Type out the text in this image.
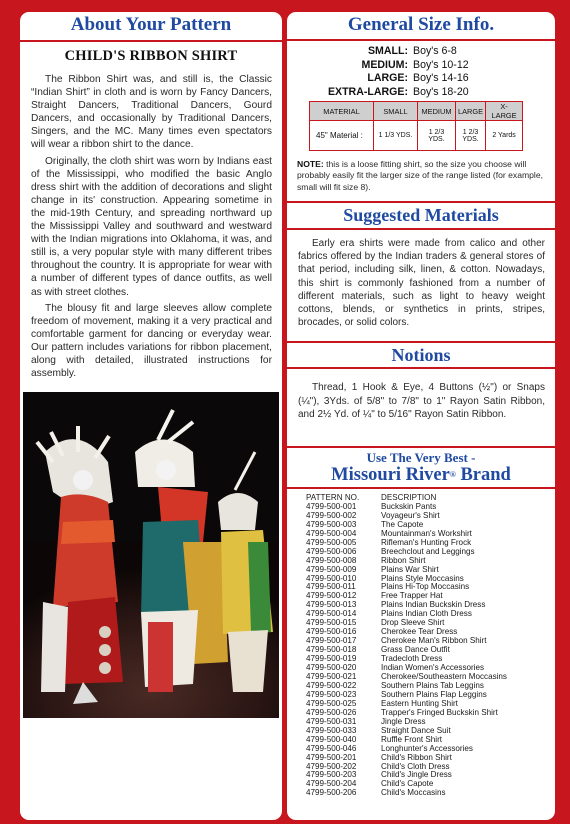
About Your Pattern
CHILD'S RIBBON SHIRT

The Ribbon Shirt was, and still is, the Classic “Indian Shirt” in cloth and is worn by Fancy Dancers, Straight Dancers, Traditional Dancers, Gourd Dancers, and occasionally by Traditional Dancers, Singers, and the MC. Many times even spectators will wear a ribbon shirt to the dance.

Originally, the cloth shirt was worn by Indians east of the Mississippi, who modified the basic Anglo dress shirt with the addition of decorations and slight change in its' construction. Appearing sometime in the mid-19th Century, and spreading northward up the Mississippi Valley and southward and westward with the Indian migrations into Oklahoma, it was, and still is, a very popular style with many different tribes throughout the country. It is appropriate for wear with a number of different types of dance outfits, as well as with street clothes.

The blousy fit and large sleeves allow complete freedom of movement, making it a very practical and comfortable garment for dancing or everyday wear. Our pattern includes variations for ribbon placement, along with detailed, illustrated instructions for assembly.

General Size Info.
SMALL: Boy's 6-8
MEDIUM: Boy's 10-12
LARGE: Boy's 14-16
EXTRA-LARGE: Boy's 18-20
MATERIAL	SMALL	MEDIUM	LARGE	X-LARGE
45" Material :	1 1/3 YDS.	1 2/3 YDS.	1 2/3 YDS.	2 Yards
NOTE: this is a loose fitting shirt, so the size you choose will probably easily fit the larger size of the range listed (for example, small will fit size 8).
Suggested Materials

Early era shirts were made from calico and other fabrics offered by the Indian traders & general stores of that period, including silk, linen, & cotton. Nowadays, this shirt is commonly fashioned from a number of different materials, such as light to heavy weight cottons, blends, or synthetics in prints, stripes, brocades, or solid colors.

Notions

Thread, 1 Hook & Eye, 4 Buttons (½") or Snaps (¼"), 3Yds. of 5/8" to 7/8" to 1" Rayon Satin Ribbon, and 2½ Yd. of ¼" to 5/16" Rayon Satin Ribbon.

Use The Very Best -
Missouri River® Brand
PATTERN NO.	DESCRIPTION
4799-500-001	Buckskin Pants
4799-500-002	Voyageur's Shirt
4799-500-003	The Capote
4799-500-004	Mountainman's Workshirt
4799-500-005	Rifleman's Hunting Frock
4799-500-006	Breechclout and Leggings
4799-500-008	Ribbon Shirt
4799-500-009	Plains War Shirt
4799-500-010	Plains Style Moccasins
4799-500-011	Plains Hi-Top Moccasins
4799-500-012	Free Trapper Hat
4799-500-013	Plains Indian Buckskin Dress
4799-500-014	Plains Indian Cloth Dress
4799-500-015	Drop Sleeve Shirt
4799-500-016	Cherokee Tear Dress
4799-500-017	Cherokee Man's Ribbon Shirt
4799-500-018	Grass Dance Outfit
4799-500-019	Tradecloth Dress
4799-500-020	Indian Women's Accessories
4799-500-021	Cherokee/Southeastern Moccasins
4799-500-022	Southern Plains Tab Leggins
4799-500-023	Southern Plains Flap Leggins
4799-500-025	Eastern Hunting Shirt
4799-500-026	Trapper's Fringed Buckskin Shirt
4799-500-031	Jingle Dress
4799-500-033	Straight Dance Suit
4799-500-040	Ruffle Front Shirt
4799-500-046	Longhunter's Accessories
4799-500-201	Child's Ribbon Shirt
4799-500-202	Child's Cloth Dress
4799-500-203	Child's Jingle Dress
4799-500-204	Child's Capote
4799-500-206	Child's Moccasins
